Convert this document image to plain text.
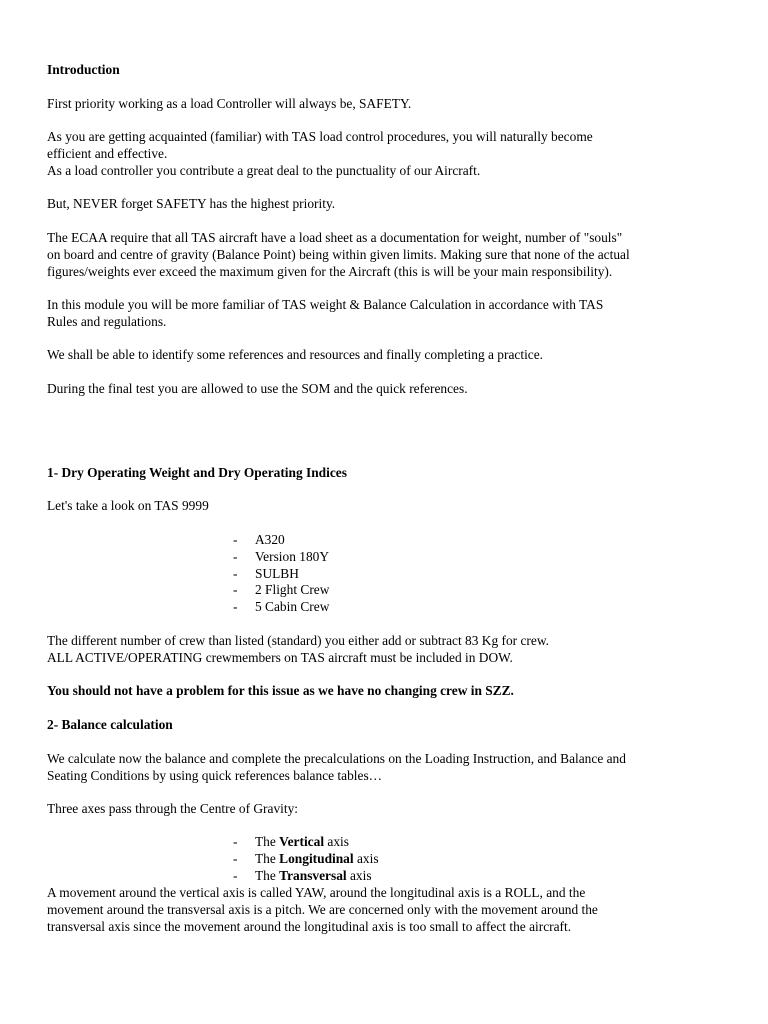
Introduction

First priority working as a load Controller will always be, SAFETY.

As you are getting acquainted (familiar) with TAS load control procedures, you will naturally become

efficient and effective.

As a load controller you contribute a great deal to the punctuality of our Aircraft.

But, NEVER forget SAFETY has the highest priority.

The ECAA require that all TAS aircraft have a load sheet as a documentation for weight, number of "souls"

on board and centre of gravity (Balance Point) being within given limits. Making sure that none of the actual

figures/weights ever exceed the maximum given for the Aircraft (this is will be your main responsibility).

In this module you will be more familiar of TAS weight & Balance Calculation in accordance with TAS

Rules and regulations.

We shall be able to identify some references and resources and finally completing a practice.

During the final test you are allowed to use the SOM and the quick references.

1- Dry Operating Weight and Dry Operating Indices

Let's take a look on TAS 9999

- A320

- Version 180Y

- SULBH

- 2 Flight Crew

- 5 Cabin Crew

The different number of crew than listed (standard) you either add or subtract 83 Kg for crew.

ALL ACTIVE/OPERATING crewmembers on TAS aircraft must be included in DOW.

You should not have a problem for this issue as we have no changing crew in SZZ.

2- Balance calculation

We calculate now the balance and complete the precalculations on the Loading Instruction, and Balance and

Seating Conditions by using quick references balance tables…

Three axes pass through the Centre of Gravity:

- The Vertical axis

- The Longitudinal axis

- The Transversal axis

A movement around the vertical axis is called YAW, around the longitudinal axis is a ROLL, and the

movement around the transversal axis is a pitch. We are concerned only with the movement around the

transversal axis since the movement around the longitudinal axis is too small to affect the aircraft.
